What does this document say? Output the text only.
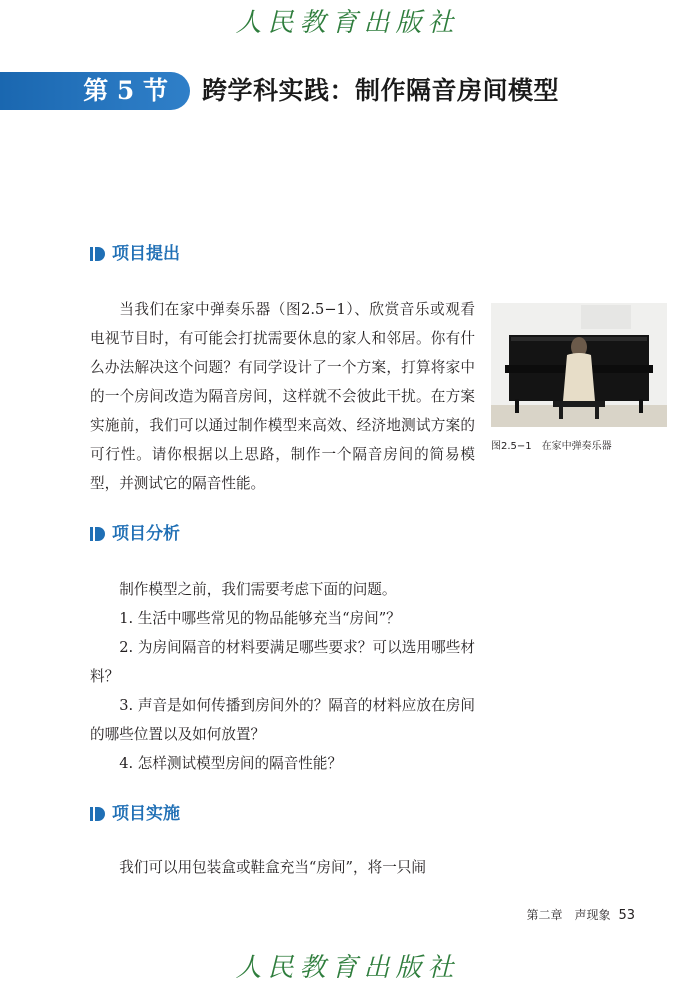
人民教育出版社
第 5 节 跨学科实践：制作隔音房间模型
项目提出

当我们在家中弹奏乐器（图2.5−1）、欣赏音乐或观看电视节目时，有可能会打扰需要休息的家人和邻居。你有什么办法解决这个问题？有同学设计了一个方案，打算将家中的一个房间改造为隔音房间，这样就不会彼此干扰。在方案实施前，我们可以通过制作模型来高效、经济地测试方案的可行性。请你根据以上思路，制作一个隔音房间的简易模型，并测试它的隔音性能。

图2.5−1　在家中弹奏乐器
项目分析

制作模型之前，我们需要考虑下面的问题。

1. 生活中哪些常见的物品能够充当“房间”？

2. 为房间隔音的材料要满足哪些要求？可以选用哪些材料？

3. 声音是如何传播到房间外的？隔音的材料应放在房间的哪些位置以及如何放置？

4. 怎样测试模型房间的隔音性能？

项目实施

我们可以用包装盒或鞋盒充当“房间”，将一只闹

第二章　声现象 53
人民教育出版社
